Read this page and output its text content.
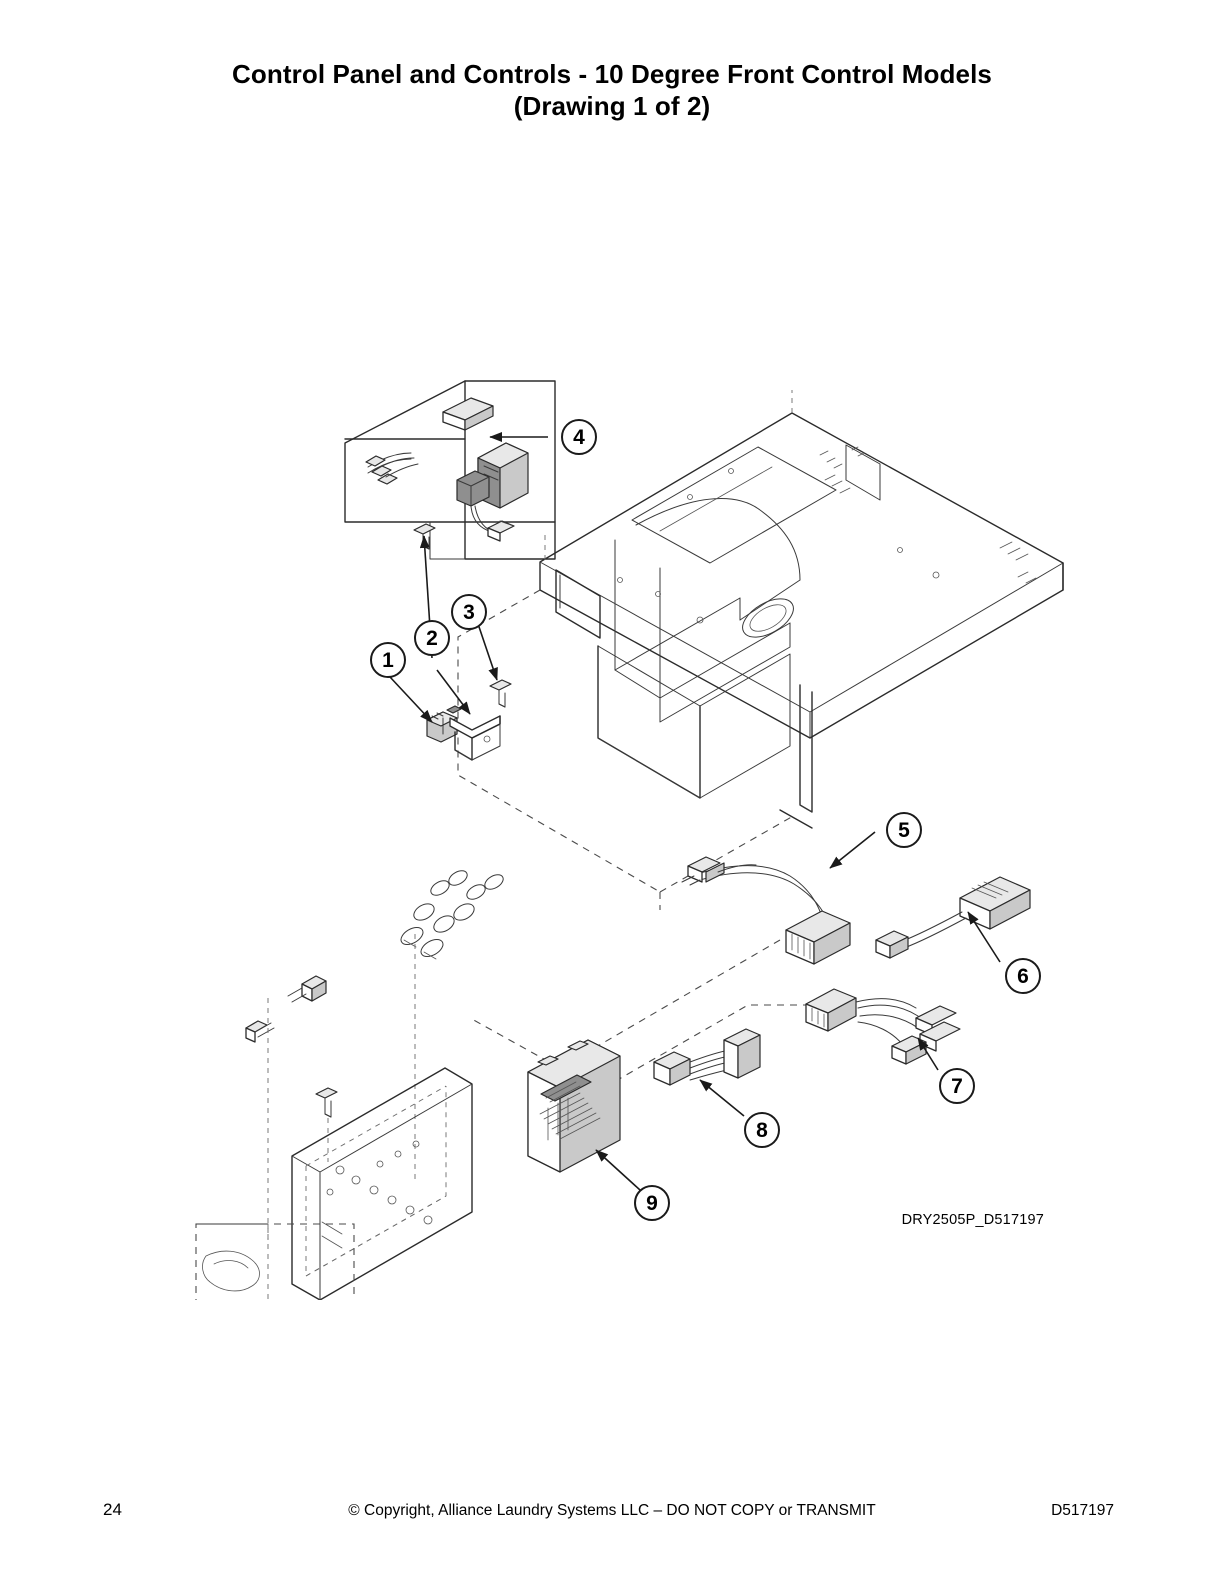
Control Panel and Controls - 10 Degree Front Control Models
(Drawing 1 of 2)
4
3
2
1
5
6
7
8
9
DRY2505P_D517197
24	© Copyright, Alliance Laundry Systems LLC – DO NOT COPY or TRANSMIT	D517197
